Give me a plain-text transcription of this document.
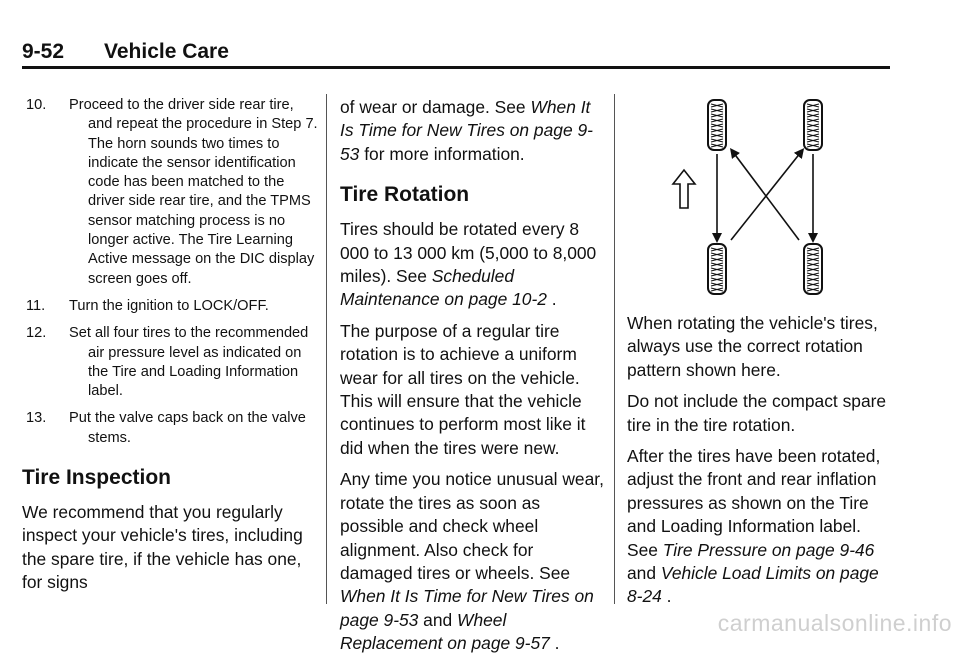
9-52 Vehicle Care
10. Proceed to the driver side rear tire, and repeat the procedure in Step 7. The horn sounds two times to indicate the sensor identification code has been matched to the driver side rear tire, and the TPMS sensor matching process is no longer active. The Tire Learning Active message on the DIC display screen goes off.
11. Turn the ignition to LOCK/OFF.
12. Set all four tires to the recommended air pressure level as indicated on the Tire and Loading Information label.
13. Put the valve caps back on the valve stems.
Tire Inspection

We recommend that you regularly inspect your vehicle's tires, including the spare tire, if the vehicle has one, for signs

of wear or damage. See When It Is Time for New Tires on page 9-53 for more information.

Tire Rotation

Tires should be rotated every 8 000 to 13 000 km (5,000 to 8,000 miles). See Scheduled Maintenance on page 10-2 .

The purpose of a regular tire rotation is to achieve a uniform wear for all tires on the vehicle. This will ensure that the vehicle continues to perform most like it did when the tires were new.

Any time you notice unusual wear, rotate the tires as soon as possible and check wheel alignment. Also check for damaged tires or wheels. See When It Is Time for New Tires on page 9-53 and Wheel Replacement on page 9-57 .

When rotating the vehicle's tires, always use the correct rotation pattern shown here.

Do not include the compact spare tire in the tire rotation.

After the tires have been rotated, adjust the front and rear inflation pressures as shown on the Tire and Loading Information label. See Tire Pressure on page 9-46 and Vehicle Load Limits on page 8-24 .

carmanualsonline.info
